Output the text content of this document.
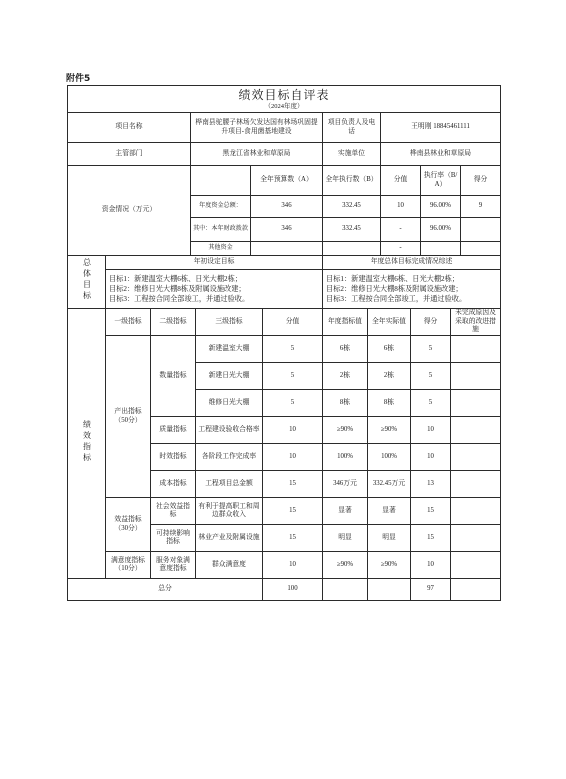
附件5
绩效目标自评表
（2024年度）
项目名称	桦南县驼腰子林场欠发达国有林场巩固提升项目-食用菌基地建设	项目负责人及电话	王明刚 18845461111
主管部门	黑龙江省林业和草原局	实施单位	桦南县林业和草原局
资金情况（万元）		全年预算数（A）	全年执行数（B）	分值	执行率（B/A）	得分
	年度资金总额：	346	332.45	10	96.00%	9
	其中：本年财政拨款	346	332.45	-	96.00%	
	其他资金			-		
总体目标	年初设定目标	年度总体目标完成情况综述

	目标1：新建温室大棚6栋、日光大棚2栋；
目标2：维修日光大棚8栋及附属设施改建；
目标3：工程按合同全部竣工，并通过验收。	目标1：新建温室大棚6栋、日光大棚2栋；
目标2：维修日光大棚8栋及附属设施改建；
目标3：工程按合同全部竣工，并通过验收。
绩效指标	一级指标	二级指标	三级指标	分值	年度指标值	全年实际值	得分	未完成原因及采取的改进措施

	产出指标
（50分）	数量指标	新建温室大棚	5	6栋	6栋	5	
			新建日光大棚	5	2栋	2栋	5	
			维修日光大棚	5	8栋	8栋	5	
		质量指标	工程建设验收合格率	10	≥90%	≥90%	10	
		时效指标	各阶段工作完成率	10	100%	100%	10	
		成本指标	工程项目总金额	15	346万元	332.45万元	13	

	效益指标
（30分）	社会效益指标	有利于提高职工和周边群众收入	15	显著	显著	15	
		可持续影响指标	林业产业及附属设施	15	明显	明显	15	

	满意度指标
（10分）	服务对象满意度指标	群众满意度	10	≥90%	≥90%	10	
总分				100			97	
